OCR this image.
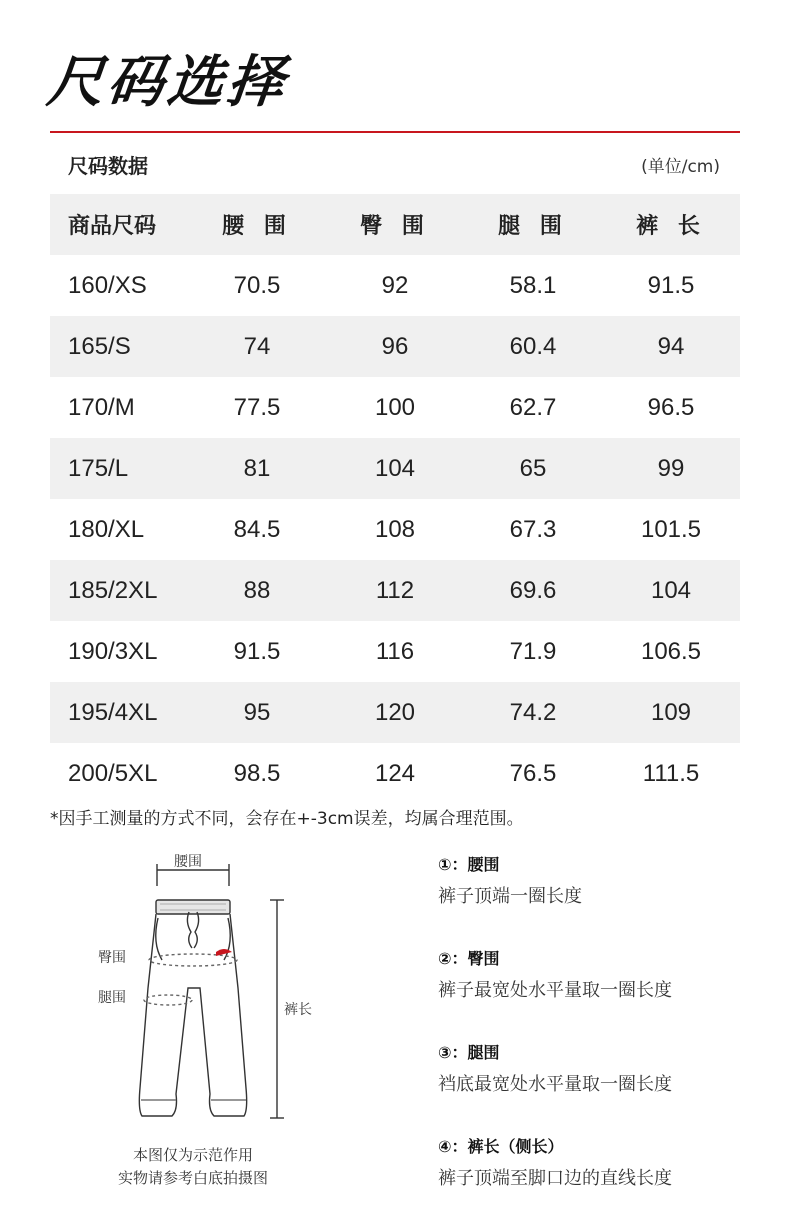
尺码选择
尺码数据	(单位/cm)
商品尺码	腰 围	臀 围	腿 围	裤 长
160/XS	70.5	92	58.1	91.5
165/S	74	96	60.4	94
170/M	77.5	100	62.7	96.5
175/L	81	104	65	99
180/XL	84.5	108	67.3	101.5
185/2XL	88	112	69.6	104
190/3XL	91.5	116	71.9	106.5
195/4XL	95	120	74.2	109
200/5XL	98.5	124	76.5	111.5
*因手工测量的方式不同，会存在+-3cm误差，均属合理范围。
腰围
臀围
腿围
裤长
本图仅为示范作用
实物请参考白底拍摄图
①：腰围
裤子顶端一圈长度
②：臀围
裤子最宽处水平量取一圈长度
③：腿围
裆底最宽处水平量取一圈长度
④：裤长（侧长）
裤子顶端至脚口边的直线长度
